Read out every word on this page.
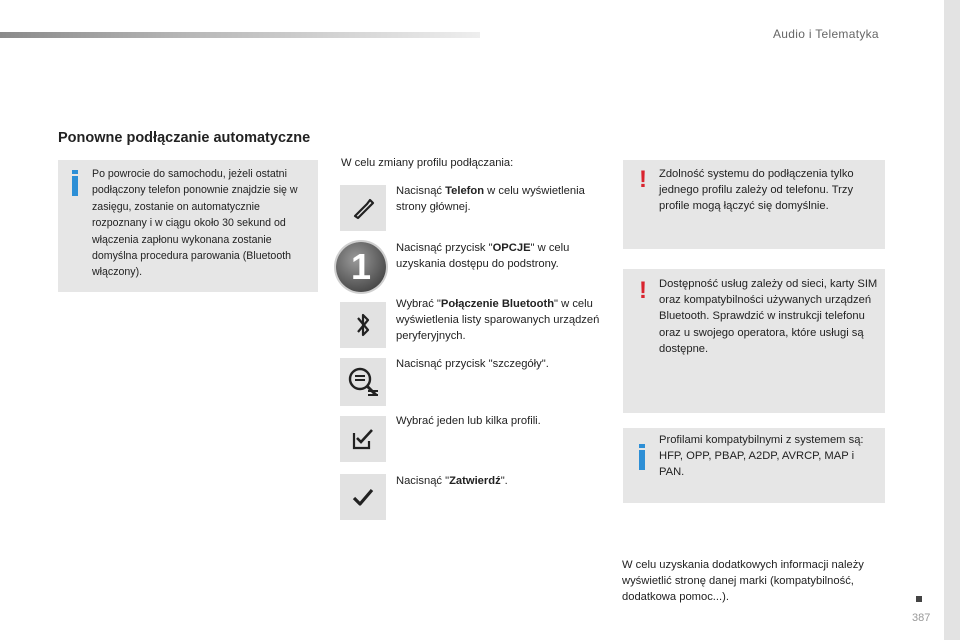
Audio i Telematyka
Ponowne podłączanie automatyczne
Po powrocie do samochodu, jeżeli ostatni podłączony telefon ponownie znajdzie się w zasięgu, zostanie on automatycznie rozpoznany i w ciągu około 30 sekund od włączenia zapłonu wykonana zostanie domyślna procedura parowania (Bluetooth włączony).
W celu zmiany profilu podłączania:
1
Nacisnąć Telefon w celu wyświetlenia strony głównej.
Nacisnąć przycisk "OPCJE" w celu uzyskania dostępu do podstrony.
Wybrać "Połączenie Bluetooth" w celu wyświetlenia listy sparowanych urządzeń peryferyjnych.
Nacisnąć przycisk "szczegóły".
Wybrać jeden lub kilka profili.
Nacisnąć "Zatwierdź".
! Zdolność systemu do podłączenia tylko jednego profilu zależy od telefonu. Trzy profile mogą łączyć się domyślnie.
! Dostępność usług zależy od sieci, karty SIM oraz kompatybilności używanych urządzeń Bluetooth. Sprawdzić w instrukcji telefonu oraz u swojego operatora, które usługi są dostępne.
Profilami kompatybilnymi z systemem są: HFP, OPP, PBAP, A2DP, AVRCP, MAP i PAN.
W celu uzyskania dodatkowych informacji należy wyświetlić stronę danej marki (kompatybilność, dodatkowa pomoc...).
387
